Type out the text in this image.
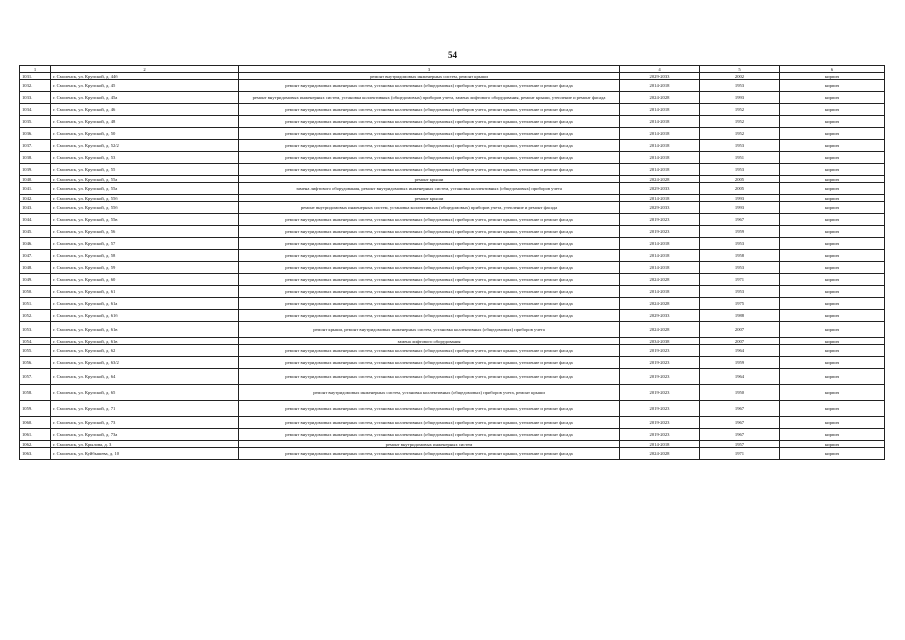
54
1	2	3	4	5	6
1031.	г. Смоленск, ул. Крупской, д. 44б	ремонт внутридомовых инженерных систем, ремонт крыши	2029-2033	2002	кирпич
1032.	г. Смоленск, ул. Крупской, д. 45	ремонт внутридомовых инженерных систем, установка коллективных (общедомовых) приборов учета, ремонт крыши, утепление и ремонт фасада	2014-2018	1953	кирпич
1033.	г. Смоленск, ул. Крупской, д. 45а	ремонт внутридомовых инженерных систем, установка коллективных (общедомовых) приборов учета, замена лифтового оборудования, ремонт крыши, утепление и ремонт фасада	2024-2028	1993	кирпич
1034.	г. Смоленск, ул. Крупской, д. 46	ремонт внутридомовых инженерных систем, установка коллективных (общедомовых) приборов учета, ремонт крыши, утепление и ремонт фасада	2014-2018	1952	кирпич
1035.	г. Смоленск, ул. Крупской, д. 48	ремонт внутридомовых инженерных систем, установка коллективных (общедомовых) приборов учета, ремонт крыши, утепление и ремонт фасада	2014-2018	1952	кирпич
1036.	г. Смоленск, ул. Крупской, д. 50	ремонт внутридомовых инженерных систем, установка коллективных (общедомовых) приборов учета, ремонт крыши, утепление и ремонт фасада	2014-2018	1952	кирпич
1037.	г. Смоленск, ул. Крупской, д. 52/2	ремонт внутридомовых инженерных систем, установка коллективных (общедомовых) приборов учета, ремонт крыши, утепление и ремонт фасада	2014-2018	1953	кирпич
1038.	г. Смоленск, ул. Крупской, д. 53	ремонт внутридомовых инженерных систем, установка коллективных (общедомовых) приборов учета, ремонт крыши, утепление и ремонт фасада	2014-2018	1951	кирпич
1039.	г. Смоленск, ул. Крупской, д. 55	ремонт внутридомовых инженерных систем, установка коллективных (общедомовых) приборов учета, ремонт крыши, утепление и ремонт фасада	2014-2018	1953	кирпич
1040.	г. Смоленск, ул. Крупской, д. 55а	ремонт крыши	2024-2028	2005	кирпич
1041.	г. Смоленск, ул. Крупской, д. 55а	замена лифтового оборудования, ремонт внутридомовых инженерных систем, установка коллективных (общедомовых) приборов учета	2029-2033	2005	кирпич
1042.	г. Смоленск, ул. Крупской, д. 55б	ремонт крыши	2014-2018	1993	кирпич
1043.	г. Смоленск, ул. Крупской, д. 55б	ремонт внутридомовых инженерных систем, установка коллективных (общедомовых) приборов учета, утепление и ремонт фасада	2029-2033	1993	кирпич
1044.	г. Смоленск, ул. Крупской, д. 55в	ремонт внутридомовых инженерных систем, установка коллективных (общедомовых) приборов учета, ремонт крыши, утепление и ремонт фасада	2019-2023	1967	кирпич
1045.	г. Смоленск, ул. Крупской, д. 56	ремонт внутридомовых инженерных систем, установка коллективных (общедомовых) приборов учета, ремонт крыши, утепление и ремонт фасада	2019-2023	1959	кирпич
1046.	г. Смоленск, ул. Крупской, д. 57	ремонт внутридомовых инженерных систем, установка коллективных (общедомовых) приборов учета, ремонт крыши, утепление и ремонт фасада	2014-2018	1953	кирпич
1047.	г. Смоленск, ул. Крупской, д. 58	ремонт внутридомовых инженерных систем, установка коллективных (общедомовых) приборов учета, ремонт крыши, утепление и ремонт фасада	2014-2018	1958	кирпич
1048.	г. Смоленск, ул. Крупской, д. 59	ремонт внутридомовых инженерных систем, установка коллективных (общедомовых) приборов учета, ремонт крыши, утепление и ремонт фасада	2014-2018	1953	кирпич
1049.	г. Смоленск, ул. Крупской, д. 60	ремонт внутридомовых инженерных систем, установка коллективных (общедомовых) приборов учета, ремонт крыши, утепление и ремонт фасада	2024-2028	1971	кирпич
1050.	г. Смоленск, ул. Крупской, д. 61	ремонт внутридомовых инженерных систем, установка коллективных (общедомовых) приборов учета, ремонт крыши, утепление и ремонт фасада	2014-2018	1953	кирпич
1051.	г. Смоленск, ул. Крупской, д. 61а	ремонт внутридомовых инженерных систем, установка коллективных (общедомовых) приборов учета, ремонт крыши, утепление и ремонт фасада	2024-2028	1975	кирпич
1052.	г. Смоленск, ул. Крупской, д. 61б	ремонт внутридомовых инженерных систем, установка коллективных (общедомовых) приборов учета, ремонт крыши, утепление и ремонт фасада	2029-2033	1988	кирпич
1053.	г. Смоленск, ул. Крупской, д. 61в	ремонт крыши, ремонт внутридомовых инженерных систем, установка коллективных (общедомовых) приборов учета	2024-2028	2007	кирпич
1054.	г. Смоленск, ул. Крупской, д. 61в	замена лифтового оборудования	2034-2038	2007	кирпич
1055.	г. Смоленск, ул. Крупской, д. 62	ремонт внутридомовых инженерных систем, установка коллективных (общедомовых) приборов учета, ремонт крыши, утепление и ремонт фасада	2019-2023	1964	кирпич
1056.	г. Смоленск, ул. Крупской, д. 63/2	ремонт внутридомовых инженерных систем, установка коллективных (общедомовых) приборов учета, ремонт крыши, утепление и ремонт фасада	2019-2023	1959	кирпич
1057.	г. Смоленск, ул. Крупской, д. 64	ремонт внутридомовых инженерных систем, установка коллективных (общедомовых) приборов учета, ремонт крыши, утепление и ремонт фасада	2019-2023	1964	кирпич
1058.	г. Смоленск, ул. Крупской, д. 65	ремонт внутридомовых инженерных систем, установка коллективных (общедомовых) приборов учета, ремонт крыши	2019-2023	1950	кирпич
1059.	г. Смоленск, ул. Крупской, д. 71	ремонт внутридомовых инженерных систем, установка коллективных (общедомовых) приборов учета, ремонт крыши, утепление и ремонт фасада	2019-2023	1967	кирпич
1060.	г. Смоленск, ул. Крупской, д. 73	ремонт внутридомовых инженерных систем, установка коллективных (общедомовых) приборов учета, ремонт крыши, утепление и ремонт фасада	2019-2023	1967	кирпич
1061.	г. Смоленск, ул. Крупской, д. 73а	ремонт внутридомовых инженерных систем, установка коллективных (общедомовых) приборов учета, ремонт крыши, утепление и ремонт фасада	2019-2023	1967	кирпич
1062.	г. Смоленск, ул. Крылова, д. 3	ремонт внутридомовых инженерных систем	2014-2018	1957	кирпич
1063.	г. Смоленск, ул. Куйбышева, д. 10	ремонт внутридомовых инженерных систем, установка коллективных (общедомовых) приборов учета, ремонт крыши, утепление и ремонт фасада	2024-2028	1971	кирпич
